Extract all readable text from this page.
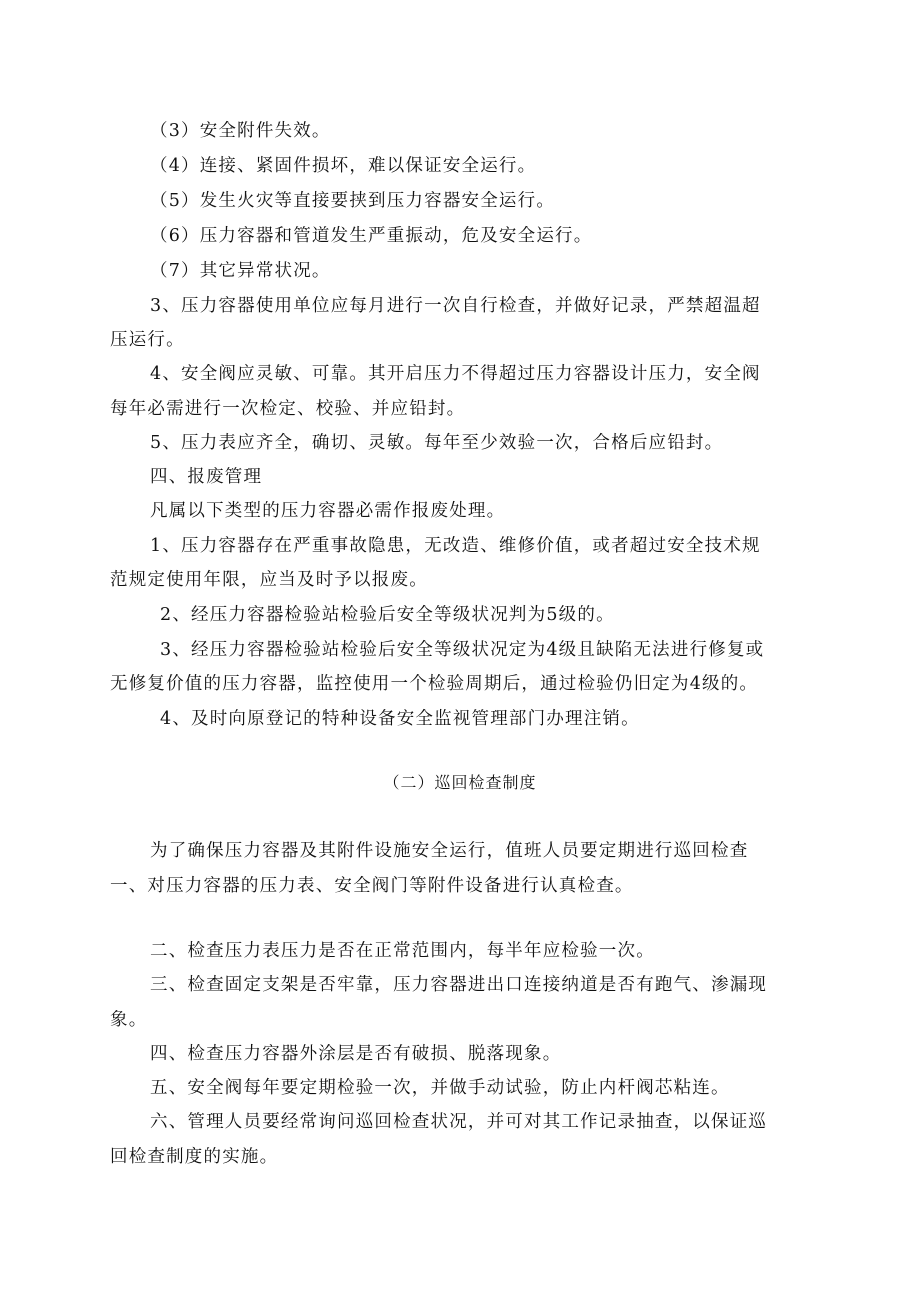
（3）安全附件失效。
（4）连接、紧固件损坏，难以保证安全运行。
（5）发生火灾等直接要挟到压力容器安全运行。
（6）压力容器和管道发生严重振动，危及安全运行。
（7）其它异常状况。
3、压力容器使用单位应每月进行一次自行检查，并做好记录，严禁超温超
压运行。
4、安全阀应灵敏、可靠。其开启压力不得超过压力容器设计压力，安全阀
每年必需进行一次检定、校验、并应铅封。
5、压力表应齐全，确切、灵敏。每年至少效验一次，合格后应铅封。
四、报废管理
凡属以下类型的压力容器必需作报废处理。
1、压力容器存在严重事故隐患，无改造、维修价值，或者超过安全技术规
范规定使用年限，应当及时予以报废。
2、经压力容器检验站检验后安全等级状况判为5级的。
3、经压力容器检验站检验后安全等级状况定为4级且缺陷无法进行修复或
无修复价值的压力容器，监控使用一个检验周期后，通过检验仍旧定为4级的。
4、及时向原登记的特种设备安全监视管理部门办理注销。
（二）巡回检查制度
为了确保压力容器及其附件设施安全运行，值班人员要定期进行巡回检查
一、对压力容器的压力表、安全阀门等附件设备进行认真检查。
二、检查压力表压力是否在正常范围内，每半年应检验一次。
三、检查固定支架是否牢靠，压力容器进出口连接纳道是否有跑气、渗漏现
象。
四、检查压力容器外涂层是否有破损、脱落现象。
五、安全阀每年要定期检验一次，并做手动试验，防止内杆阀芯粘连。
六、管理人员要经常询问巡回检查状况，并可对其工作记录抽查，以保证巡
回检查制度的实施。
